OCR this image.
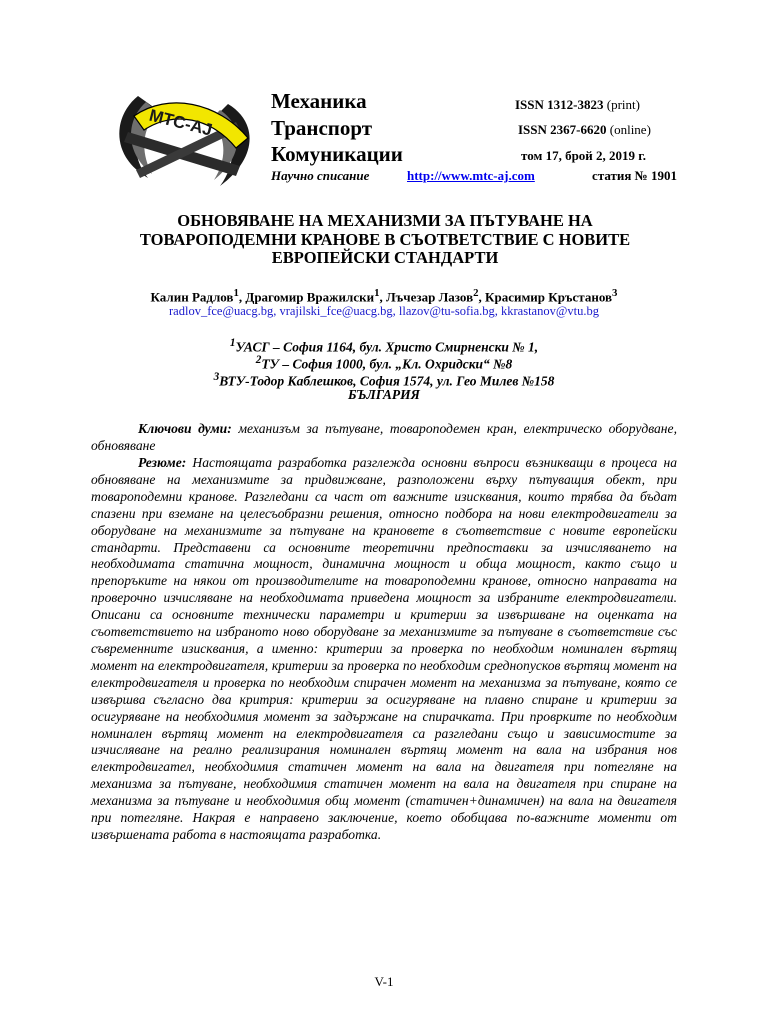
MTC-AJ
Механика
Транспорт
Комуникации
ISSN 1312-3823 (print)
ISSN 2367-6620 (online)
том 17, брой 2, 2019 г.
Научно списание	http://www.mtc-aj.com	статия № 1901
ОБНОВЯВАНЕ НА МЕХАНИЗМИ ЗА ПЪТУВАНЕ НА
ТОВАРОПОДЕМНИ КРАНОВЕ В СЪОТВЕТСТВИЕ С НОВИТЕ
ЕВРОПЕЙСКИ СТАНДАРТИ
Калин Радлов$^1$, Драгомир Вражилски$^1$, Лъчезар Лазов$^2$, Красимир Кръстанов$^3$
radlov_fce@uacg.bg, vrajilski_fce@uacg.bg, llazov@tu-sofia.bg, kkrastanov@vtu.bg
$^1$УАСГ – София 1164, бул. Христо Смирненски № 1,
$^2$ТУ – София 1000, бул. „Кл. Охридски“ №8
$^3$ВТУ-Тодор Каблешков, София 1574, ул. Гео Милев №158
БЪЛГАРИЯ
Ключови думи: механизъм за пътуване, товароподемен кран, електрическо оборудване, обновяване
Резюме: Настоящата разработка разглежда основни въпроси възникващи в процеса на обновяване на механизмите за придвижване, разположени върху пътуващия обект, при товароподемни кранове. Разгледани са част от важните изисквания, които трябва да бъдат спазени при вземане на целесъобразни решения, относно подбора на нови електродвигатели за оборудване на механизмите за пътуване на крановете в съответствие с новите европейски стандарти. Представени са основните теоретични предпоставки за изчисляването на необходимата статична мощност, динамична мощност и обща мощност, както също и препоръките на някои от производителите на товароподемни кранове, относно направата на проверочно изчисляване на необходимата приведена мощност за избраните електродвигатели. Описани са основните технически параметри и критерии за извършване на оценката на съответствието на избраното ново оборудване за механизмите за пътуване в съответствие със съвременните изисквания, а именно: критерии за проверка по необходим номинален въртящ момент на електродвигателя, критерии за проверка по необходим среднопусков въртящ момент на електродвигателя и проверка по необходим спирачен момент на механизма за пътуване, която се извършва съгласно два критрия: критерии за осигуряване на плавно спиране и критерии за осигуряване на необходимия момент за задържане на спирачката. При проврките по необходим номинален въртящ момент на електродвигателя са разгледани също и зависимостите за изчисляване на реално реализирания номинален въртящ момент на вала на избрания нов електродвигател, необходимия статичен момент на вала на двигателя при потегляне на механизма за пътуване, необходимия статичен момент на вала на двигателя при спиране на механизма за пътуване и необходимия общ момент (статичен+динамичен) на вала на двигателя при потегляне. Накрая е направено заключение, което обобщава по-важните моменти от извършената работа в настоящата разработка.
V-1
